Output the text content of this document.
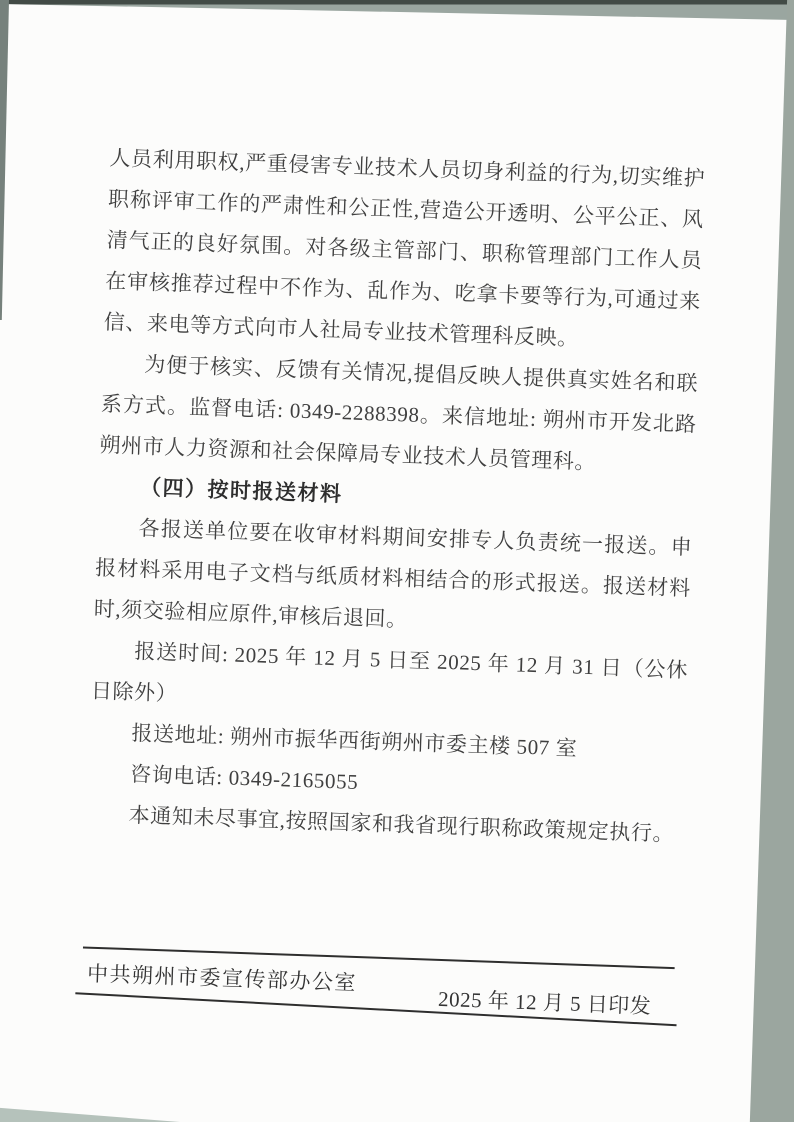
人员利用职权,严重侵害专业技术人员切身利益的行为,切实维护职称评审工作的严肃性和公正性,营造公开透明、公平公正、风清气正的良好氛围。对各级主管部门、职称管理部门工作人员在审核推荐过程中不作为、乱作为、吃拿卡要等行为,可通过来信、来电等方式向市人社局专业技术管理科反映。

为便于核实、反馈有关情况,提倡反映人提供真实姓名和联系方式。监督电话: 0349-2288398。来信地址: 朔州市开发北路朔州市人力资源和社会保障局专业技术人员管理科。

（四）按时报送材料

各报送单位要在收审材料期间安排专人负责统一报送。申报材料采用电子文档与纸质材料相结合的形式报送。报送材料时,须交验相应原件,审核后退回。

报送时间: 2025 年 12 月 5 日至 2025 年 12 月 31 日（公休日除外）

报送地址: 朔州市振华西街朔州市委主楼 507 室

咨询电话: 0349-2165055

本通知未尽事宜,按照国家和我省现行职称政策规定执行。

中共朔州市委宣传部办公室
2025 年 12 月 5 日印发
